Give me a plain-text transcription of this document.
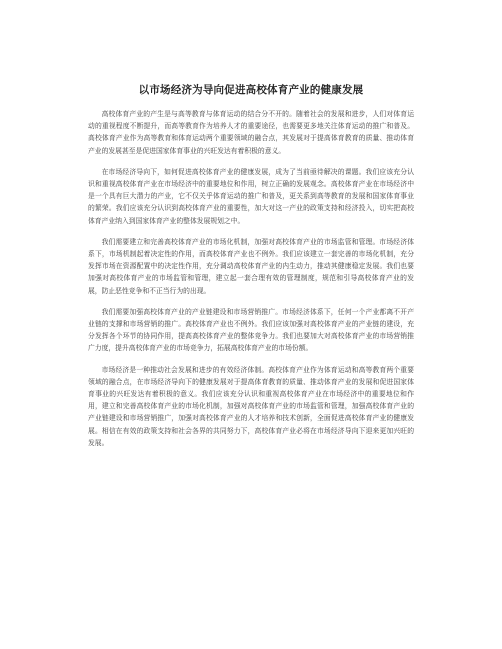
以市场经济为导向促进高校体育产业的健康发展

高校体育产业的产生是与高等教育与体育运动的结合分不开的。随着社会的发展和进步，人们对体育运动的重视程度不断提升，而高等教育作为培养人才的重要途径，也需要更多地关注体育运动的推广和普及。高校体育产业作为高等教育和体育运动两个重要领域的融合点，其发展对于提高体育教育的质量、推动体育产业的发展甚至是促进国家体育事业的兴旺发达有着积极的意义。

在市场经济导向下，如何促进高校体育产业的健康发展，成为了当前亟待解决的课题。我们应该充分认识和重视高校体育产业在市场经济中的重要地位和作用，树立正确的发展观念。高校体育产业在市场经济中是一个具有巨大潜力的产业，它不仅关乎体育运动的推广和普及，更关系到高等教育的发展和国家体育事业的繁荣。我们应该充分认识到高校体育产业的重要性，加大对这一产业的政策支持和经济投入，切实把高校体育产业纳入到国家体育产业的整体发展规划之中。

我们需要建立和完善高校体育产业的市场化机制，加强对高校体育产业的市场监管和管理。市场经济体系下，市场机制起着决定性的作用，而高校体育产业也不例外。我们应该建立一套完善的市场化机制，充分发挥市场在资源配置中的决定性作用，充分调动高校体育产业的内生动力，推动其健康稳定发展。我们也要加强对高校体育产业的市场监管和管理，建立起一套合理有效的管理制度，规范和引导高校体育产业的发展，防止恶性竞争和不正当行为的出现。

我们需要加强高校体育产业的产业链建设和市场营销推广。市场经济体系下，任何一个产业都离不开产业链的支撑和市场营销的推广。高校体育产业也不例外。我们应该加强对高校体育产业的产业链的建设，充分发挥各个环节的协同作用，提高高校体育产业的整体竞争力。我们也要加大对高校体育产业的市场营销推广力度，提升高校体育产业的市场竞争力，拓展高校体育产业的市场份额。

市场经济是一种推动社会发展和进步的有效经济体制。高校体育产业作为体育运动和高等教育两个重要领域的融合点，在市场经济导向下的健康发展对于提高体育教育的质量、推动体育产业的发展和促进国家体育事业的兴旺发达有着积极的意义。我们应该充分认识和重视高校体育产业在市场经济中的重要地位和作用，建立和完善高校体育产业的市场化机制，加强对高校体育产业的市场监管和管理，加强高校体育产业的产业链建设和市场营销推广，加强对高校体育产业的人才培养和技术创新，全面促进高校体育产业的健康发展。相信在有效的政策支持和社会各界的共同努力下，高校体育产业必将在市场经济导向下迎来更加兴旺的发展。
